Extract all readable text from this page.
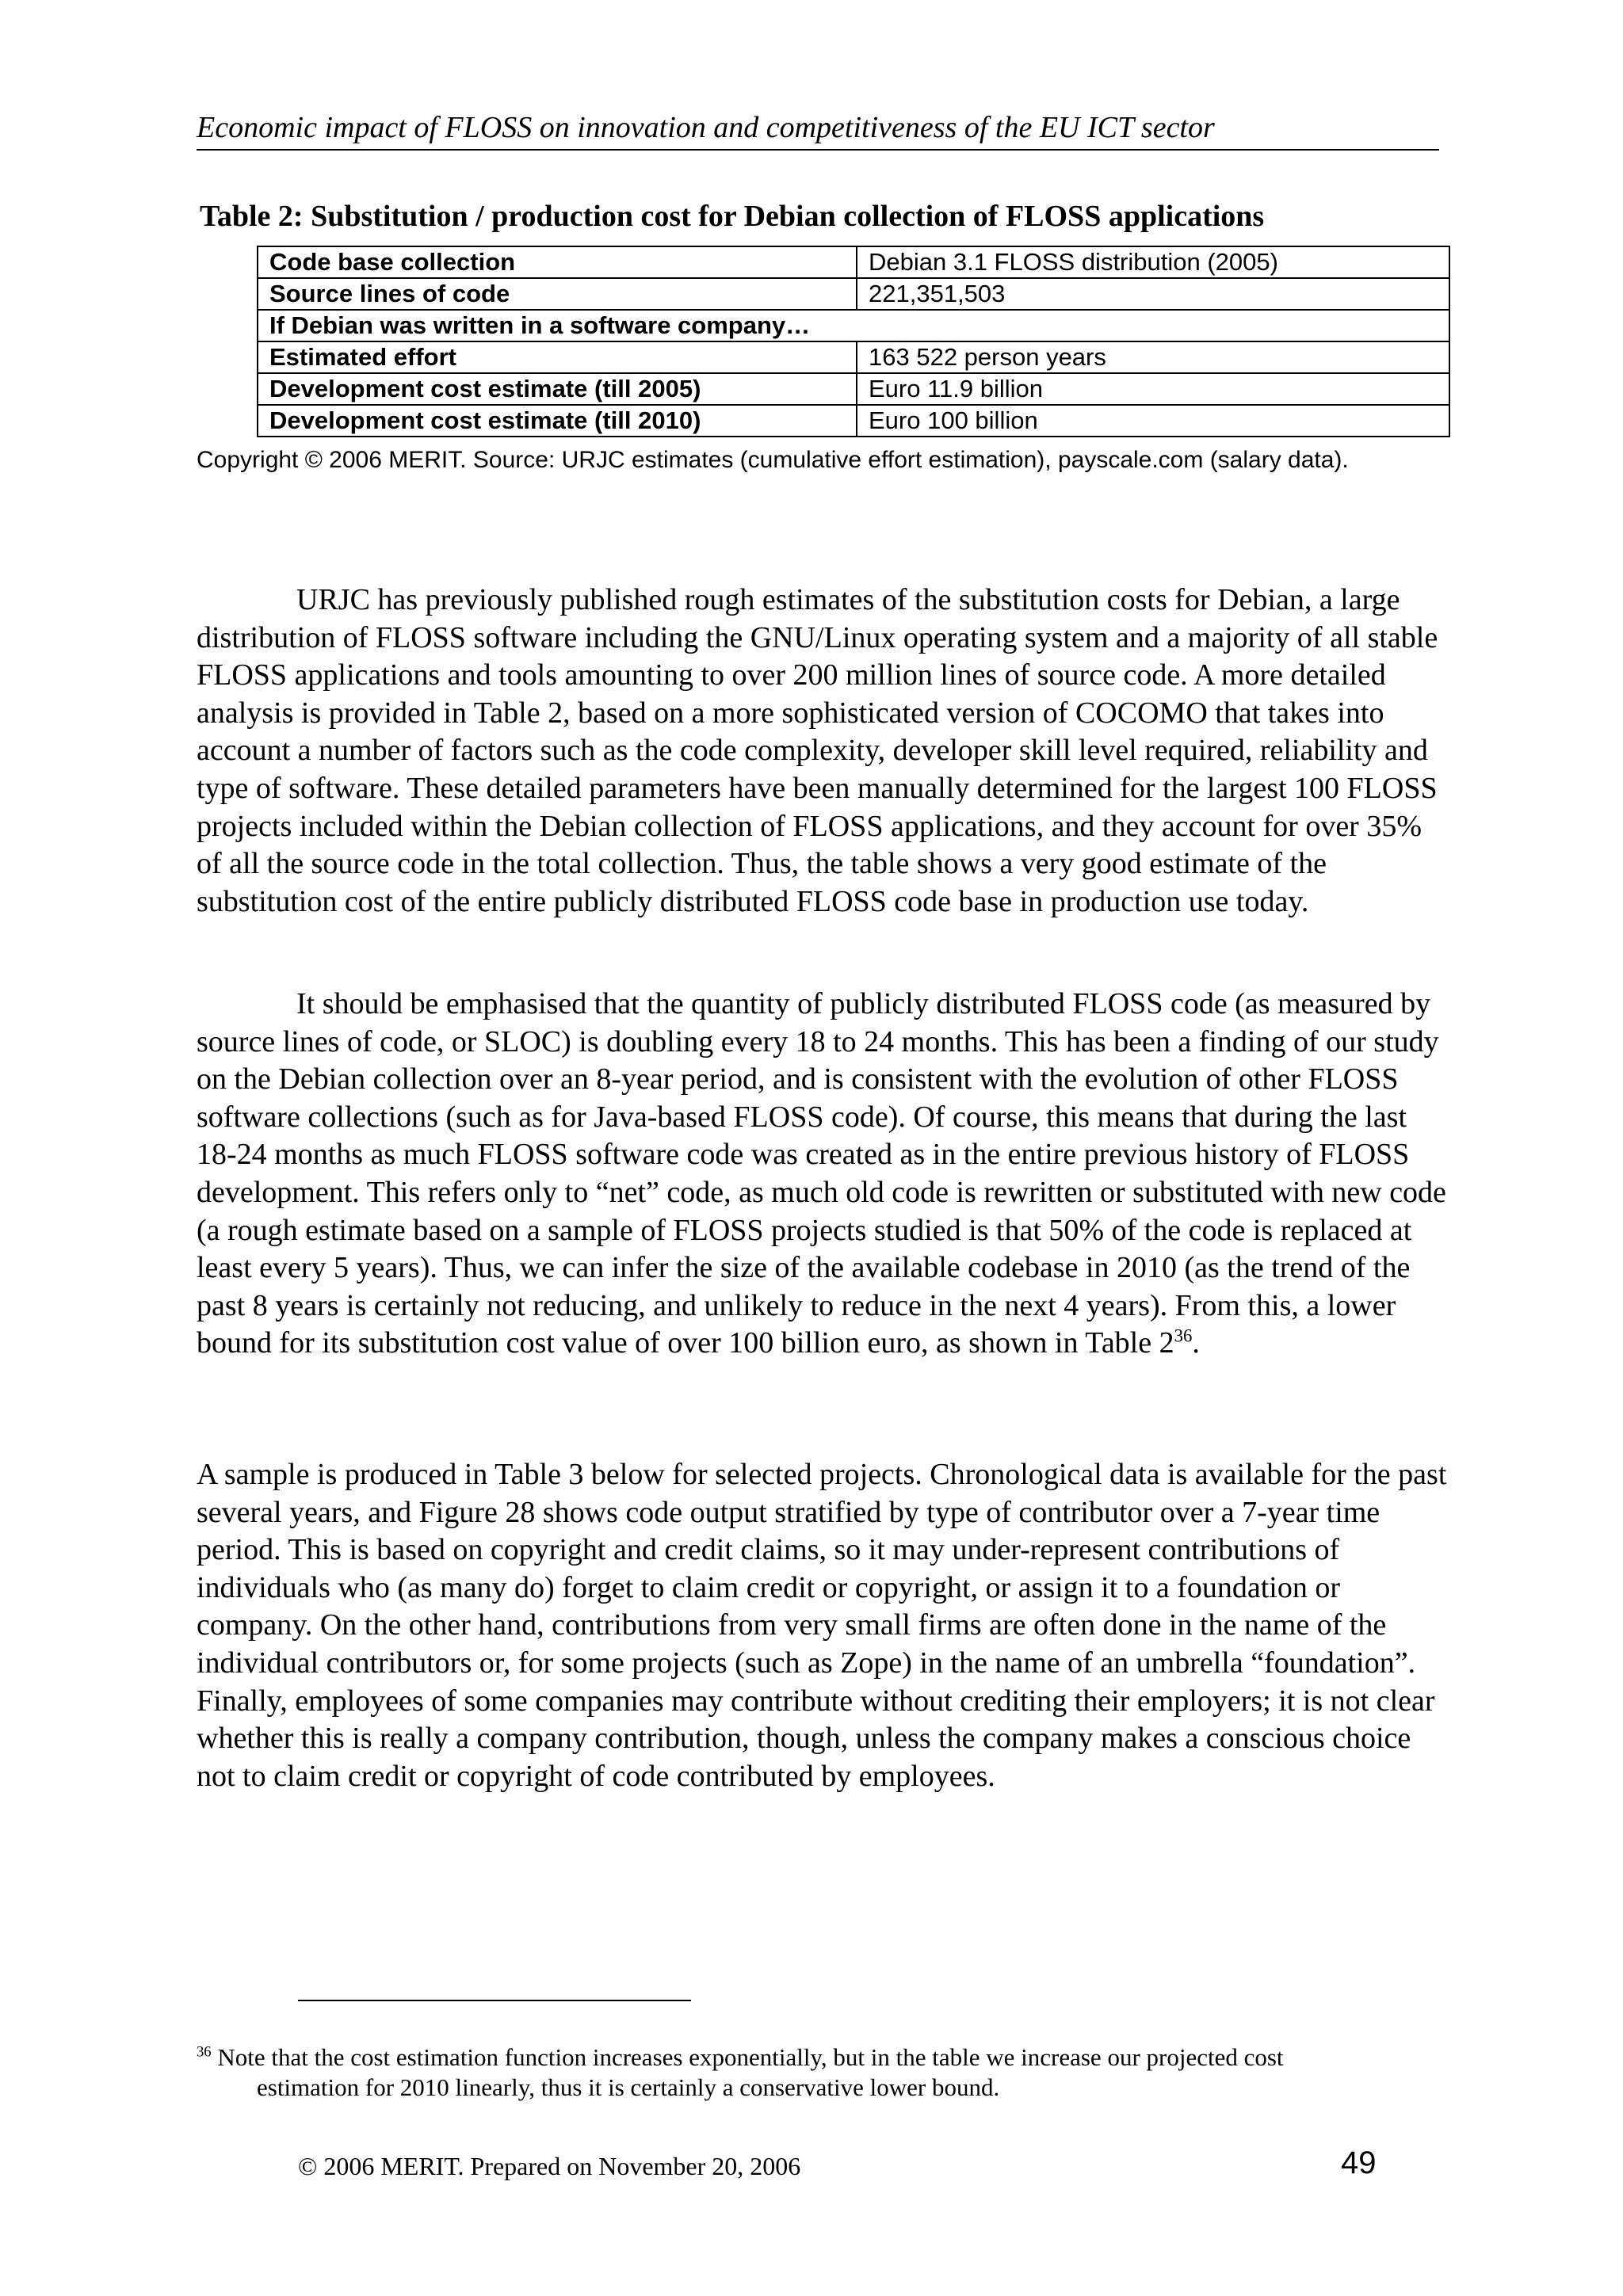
Economic impact of FLOSS on innovation and competitiveness of the EU ICT sector
Table 2: Substitution / production cost for Debian collection of FLOSS applications
Code base collection	Debian 3.1 FLOSS distribution (2005)
Source lines of code	221,351,503
If Debian was written in a software company…	
Estimated effort	163 522 person years
Development cost estimate (till 2005)	Euro 11.9 billion
Development cost estimate (till 2010)	Euro 100 billion
Copyright © 2006 MERIT. Source: URJC estimates (cumulative effort estimation), payscale.com (salary data).

URJC has previously published rough estimates of the substitution costs for Debian, a large distribution of FLOSS software including the GNU/Linux operating system and a majority of all stable FLOSS applications and tools amounting to over 200 million lines of source code. A more detailed analysis is provided in Table 2, based on a more sophisticated version of COCOMO that takes into account a number of factors such as the code complexity, developer skill level required, reliability and type of software. These detailed parameters have been manually determined for the largest 100 FLOSS projects included within the Debian collection of FLOSS applications, and they account for over 35% of all the source code in the total collection. Thus, the table shows a very good estimate of the substitution cost of the entire publicly distributed FLOSS code base in production use today.

It should be emphasised that the quantity of publicly distributed FLOSS code (as measured by source lines of code, or SLOC) is doubling every 18 to 24 months. This has been a finding of our study on the Debian collection over an 8-year period, and is consistent with the evolution of other FLOSS software collections (such as for Java-based FLOSS code). Of course, this means that during the last 18-24 months as much FLOSS software code was created as in the entire previous history of FLOSS development. This refers only to “net” code, as much old code is rewritten or substituted with new code (a rough estimate based on a sample of FLOSS projects studied is that 50% of the code is replaced at least every 5 years). Thus, we can infer the size of the available codebase in 2010 (as the trend of the past 8 years is certainly not reducing, and unlikely to reduce in the next 4 years). From this, a lower bound for its substitution cost value of over 100 billion euro, as shown in Table $2^{36}$.

A sample is produced in Table 3 below for selected projects. Chronological data is available for the past several years, and Figure 28 shows code output stratified by type of contributor over a 7-year time period. This is based on copyright and credit claims, so it may under-represent contributions of individuals who (as many do) forget to claim credit or copyright, or assign it to a foundation or company. On the other hand, contributions from very small firms are often done in the name of the individual contributors or, for some projects (such as Zope) in the name of an umbrella “foundation”. Finally, employees of some companies may contribute without crediting their employers; it is not clear whether this is really a company contribution, though, unless the company makes a conscious choice not to claim credit or copyright of code contributed by employees.

$^{36}$ Note that the cost estimation function increases exponentially, but in the table we increase our projected cost
estimation for 2010 linearly, thus it is certainly a conservative lower bound.
© 2006 MERIT. Prepared on November 20, 2006	49
